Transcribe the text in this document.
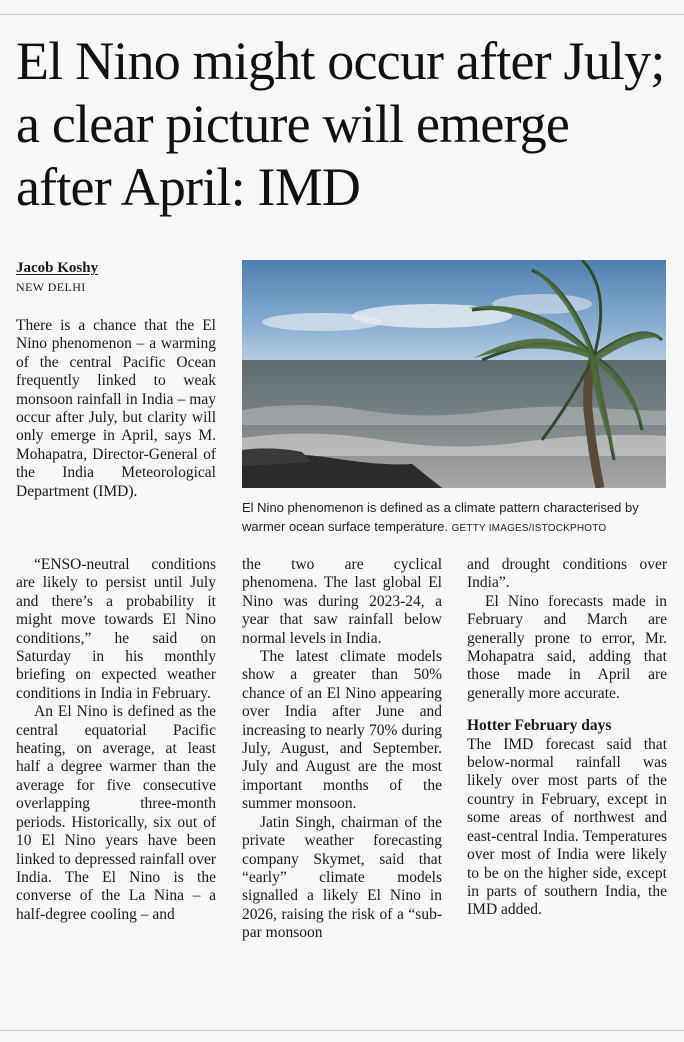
El Nino might occur after July; a clear picture will emerge after April: IMD
Jacob Koshy
NEW DELHI

El Nino phenomenon is defined as a climate pattern characterised by warmer ocean surface temperature. GETTY IMAGES/ISTOCKPHOTO

There is a chance that the El Nino phenomenon – a warming of the central Pacific Ocean frequently linked to weak monsoon rainfall in India – may occur after July, but clarity will only emerge in April, says M. Mohapatra, Director-General of the India Meteorological Department (IMD).

“ENSO-neutral conditions are likely to persist until July and there’s a probability it might move towards El Nino conditions,” he said on Saturday in his monthly briefing on expected weather conditions in India in February.

An El Nino is defined as the central equatorial Pacific heating, on average, at least half a degree warmer than the average for five consecutive overlapping three-month periods. Historically, six out of 10 El Nino years have been linked to depressed rainfall over India. The El Nino is the converse of the La Nina – a half-degree cooling – and

the two are cyclical phenomena. The last global El Nino was during 2023-24, a year that saw rainfall below normal levels in India.

The latest climate models show a greater than 50% chance of an El Nino appearing over India after June and increasing to nearly 70% during July, August, and September. July and August are the most important months of the summer monsoon.

Jatin Singh, chairman of the private weather forecasting company Skymet, said that “early” climate models signalled a likely El Nino in 2026, raising the risk of a “sub-par monsoon

and drought conditions over India”.

El Nino forecasts made in February and March are generally prone to error, Mr. Mohapatra said, adding that those made in April are generally more accurate.

Hotter February days

The IMD forecast said that below-normal rainfall was likely over most parts of the country in February, except in some areas of northwest and east-central India. Temperatures over most of India were likely to be on the higher side, except in parts of southern India, the IMD added.
